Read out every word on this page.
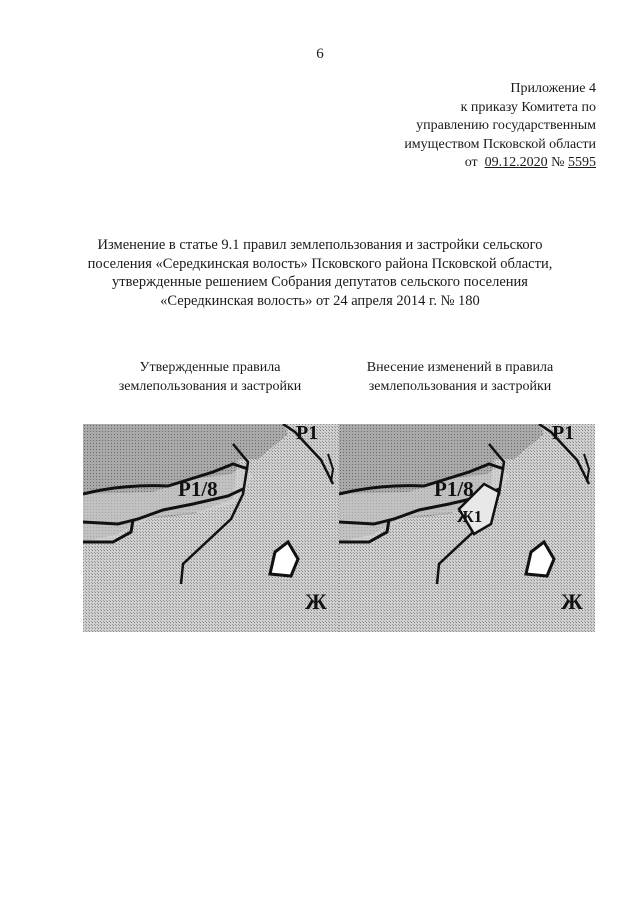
6
Приложение 4
к приказу Комитета по
управлению государственным
имуществом Псковской области
от 09.12.2020 № 5595
Изменение в статье 9.1 правил землепользования и застройки сельского
поселения «Середкинская волость» Псковского района Псковской области,
утвержденные решением Собрания депутатов сельского поселения
«Середкинская волость» от 24 апреля 2014 г. № 180
Утвержденные правила
землепользования и застройки
Внесение изменений в правила
землепользования и застройки
Р1/8
Р1
Ж
Р1/8
Ж1
Р1
Ж
